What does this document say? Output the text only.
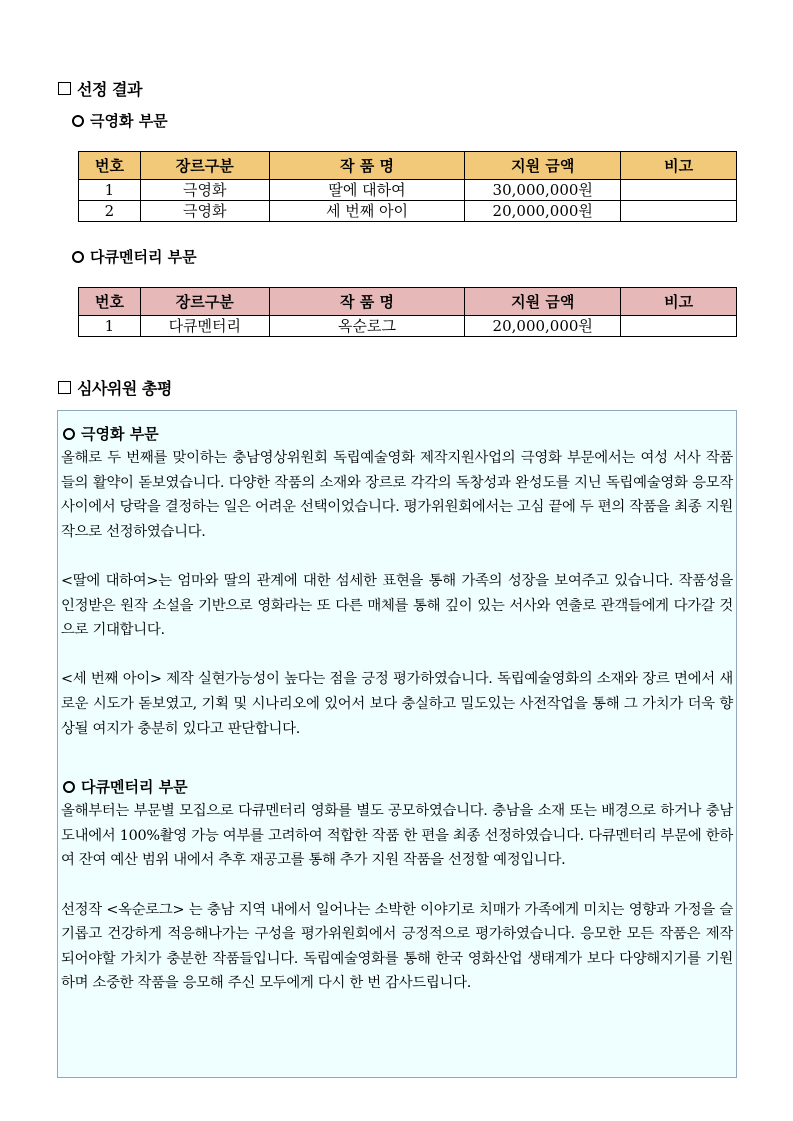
선정 결과
극영화 부문
번호	장르구분	작 품 명	지원 금액	비고
1	극영화	딸에 대하여	30,000,000원	
2	극영화	세 번째 아이	20,000,000원	
다큐멘터리 부문
번호	장르구분	작 품 명	지원 금액	비고
1	다큐멘터리	옥순로그	20,000,000원	
심사위원 총평
극영화 부문

올해로 두 번째를 맞이하는 충남영상위원회 독립예술영화 제작지원사업의 극영화 부문에서는 여성 서사 작품들의 활약이 돋보였습니다. 다양한 작품의 소재와 장르로 각각의 독창성과 완성도를 지닌 독립예술영화 응모작 사이에서 당락을 결정하는 일은 어려운 선택이었습니다. 평가위원회에서는 고심 끝에 두 편의 작품을 최종 지원 작으로 선정하였습니다.

<딸에 대하여>는 엄마와 딸의 관계에 대한 섬세한 표현을 통해 가족의 성장을 보여주고 있습니다. 작품성을 인정받은 원작 소설을 기반으로 영화라는 또 다른 매체를 통해 깊이 있는 서사와 연출로 관객들에게 다가갈 것으로 기대합니다.

<세 번째 아이> 제작 실현가능성이 높다는 점을 긍정 평가하였습니다. 독립예술영화의 소재와 장르 면에서 새로운 시도가 돋보였고, 기획 및 시나리오에 있어서 보다 충실하고 밀도있는 사전작업을 통해 그 가치가 더욱 향상될 여지가 충분히 있다고 판단합니다.

다큐멘터리 부문

올해부터는 부문별 모집으로 다큐멘터리 영화를 별도 공모하였습니다. 충남을 소재 또는 배경으로 하거나 충남 도내에서 100%촬영 가능 여부를 고려하여 적합한 작품 한 편을 최종 선정하였습니다. 다큐멘터리 부문에 한하여 잔여 예산 범위 내에서 추후 재공고를 통해 추가 지원 작품을 선정할 예정입니다.

선정작 <옥순로그> 는 충남 지역 내에서 일어나는 소박한 이야기로 치매가 가족에게 미치는 영향과 가정을 슬기롭고 건강하게 적응해나가는 구성을 평가위원회에서 긍정적으로 평가하였습니다. 응모한 모든 작품은 제작되어야할 가치가 충분한 작품들입니다. 독립예술영화를 통해 한국 영화산업 생태계가 보다 다양해지기를 기원하며 소중한 작품을 응모해 주신 모두에게 다시 한 번 감사드립니다.
